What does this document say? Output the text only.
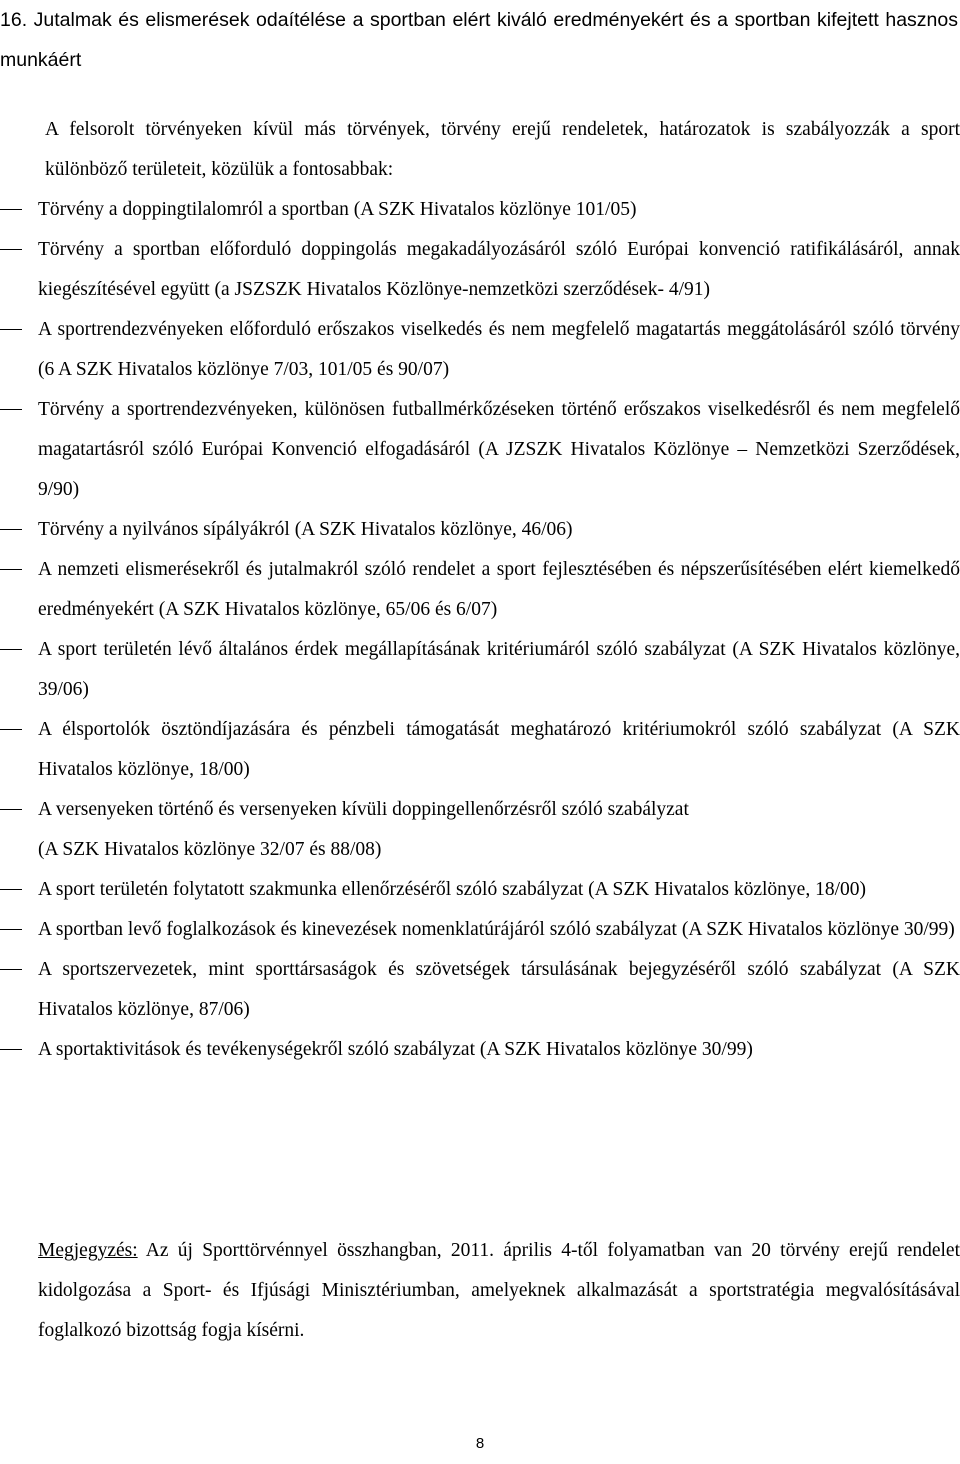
16. Jutalmak és elismerések odaítélése a sportban elért kiváló eredményekért és a sportban kifejtett hasznos munkáért
A felsorolt törvényeken kívül más törvények, törvény erejű rendeletek, határozatok is szabályozzák a sport különböző területeit, közülük a fontosabbak:
Törvény a doppingtilalomról a sportban (A SZK Hivatalos közlönye 101/05)
Törvény a sportban előforduló doppingolás megakadályozásáról szóló Európai konvenció ratifikálásáról, annak kiegészítésével együtt (a JSZSZK Hivatalos Közlönye-nemzetközi szerződések- 4/91)
A sportrendezvényeken előforduló erőszakos viselkedés és nem megfelelő magatartás meggátolásáról szóló törvény (6 A SZK Hivatalos közlönye 7/03, 101/05 és 90/07)
Törvény a sportrendezvényeken, különösen futballmérkőzéseken történő erőszakos viselkedésről és nem megfelelő magatartásról szóló Európai Konvenció elfogadásáról (A JZSZK Hivatalos Közlönye – Nemzetközi Szerződések, 9/90)
Törvény a nyilvános sípályákról (A SZK Hivatalos közlönye, 46/06)
A nemzeti elismerésekről és jutalmakról szóló rendelet a sport fejlesztésében és népszerűsítésében elért kiemelkedő eredményekért (A SZK Hivatalos közlönye, 65/06 és 6/07)
A sport területén lévő általános érdek megállapításának kritériumáról szóló szabályzat (A SZK Hivatalos közlönye, 39/06)
A élsportolók ösztöndíjazására és pénzbeli támogatását meghatározó kritériumokról szóló szabályzat (A SZK Hivatalos közlönye, 18/00)
A versenyeken történő és versenyeken kívüli doppingellenőrzésről szóló szabályzat
(A SZK Hivatalos közlönye 32/07 és 88/08)
A sport területén folytatott szakmunka ellenőrzéséről szóló szabályzat (A SZK Hivatalos közlönye, 18/00)
A sportban levő foglalkozások és kinevezések nomenklatúrájáról szóló szabályzat (A SZK Hivatalos közlönye 30/99)
A sportszervezetek, mint sporttársaságok és szövetségek társulásának bejegyzéséről szóló szabályzat (A SZK Hivatalos közlönye, 87/06)
A sportaktivitások és tevékenységekről szóló szabályzat (A SZK Hivatalos közlönye 30/99)
Megjegyzés: Az új Sporttörvénnyel összhangban, 2011. április 4-től folyamatban van 20 törvény erejű rendelet kidolgozása a Sport- és Ifjúsági Minisztériumban, amelyeknek alkalmazását a sportstratégia megvalósításával foglalkozó bizottság fogja kísérni.
8
